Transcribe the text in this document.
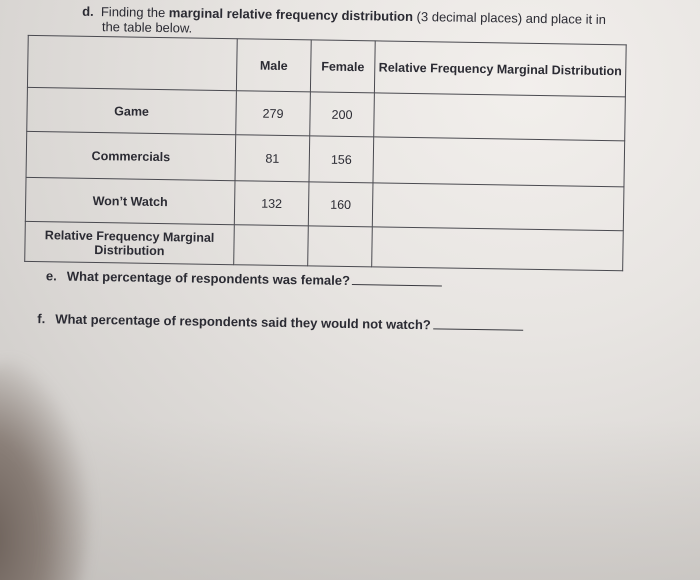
d. Finding the marginal relative frequency distribution (3 decimal places) and place it in
the table below.
	Male	Female	Relative Frequency Marginal Distribution
Game	279	200	
Commercials	81	156	
Won’t Watch	132	160	
Relative Frequency Marginal Distribution			
e. What percentage of respondents was female?
f. What percentage of respondents said they would not watch?
